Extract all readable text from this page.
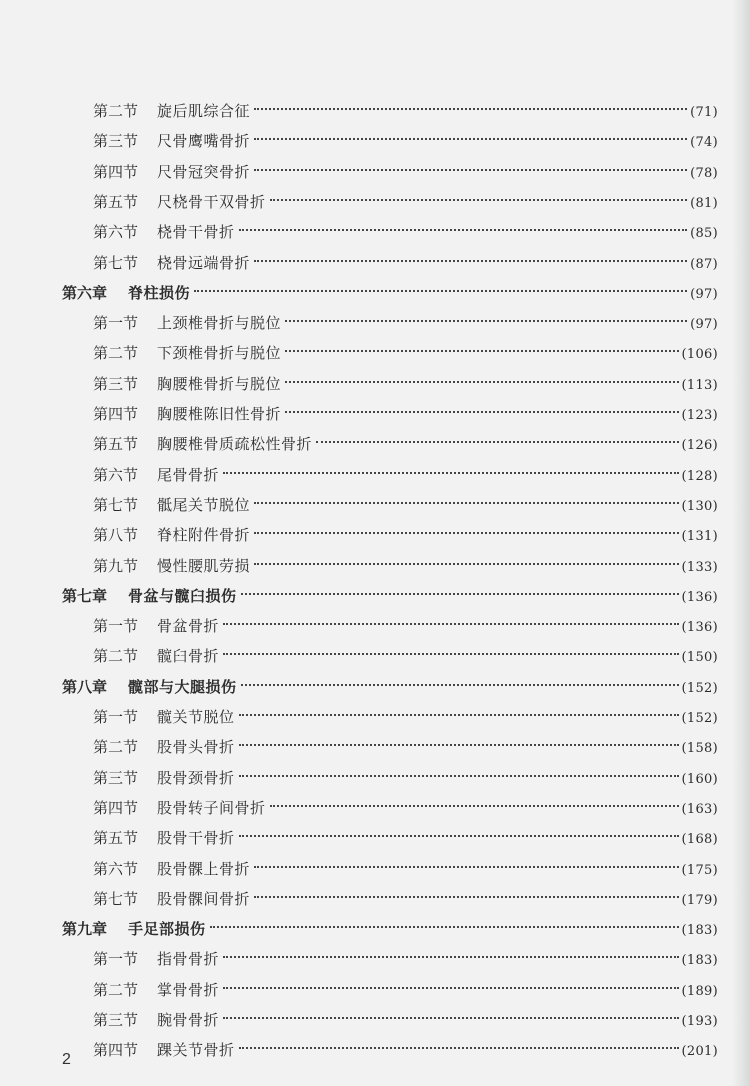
第二节	旋后肌综合征	(71)
第三节	尺骨鹰嘴骨折	(74)
第四节	尺骨冠突骨折	(78)
第五节	尺桡骨干双骨折	(81)
第六节	桡骨干骨折	(85)
第七节	桡骨远端骨折	(87)
第六章	脊柱损伤	(97)
第一节	上颈椎骨折与脱位	(97)
第二节	下颈椎骨折与脱位	(106)
第三节	胸腰椎骨折与脱位	(113)
第四节	胸腰椎陈旧性骨折	(123)
第五节	胸腰椎骨质疏松性骨折	(126)
第六节	尾骨骨折	(128)
第七节	骶尾关节脱位	(130)
第八节	脊柱附件骨折	(131)
第九节	慢性腰肌劳损	(133)
第七章	骨盆与髋臼损伤	(136)
第一节	骨盆骨折	(136)
第二节	髋臼骨折	(150)
第八章	髋部与大腿损伤	(152)
第一节	髋关节脱位	(152)
第二节	股骨头骨折	(158)
第三节	股骨颈骨折	(160)
第四节	股骨转子间骨折	(163)
第五节	股骨干骨折	(168)
第六节	股骨髁上骨折	(175)
第七节	股骨髁间骨折	(179)
第九章	手足部损伤	(183)
第一节	指骨骨折	(183)
第二节	掌骨骨折	(189)
第三节	腕骨骨折	(193)
第四节	踝关节骨折	(201)
2
